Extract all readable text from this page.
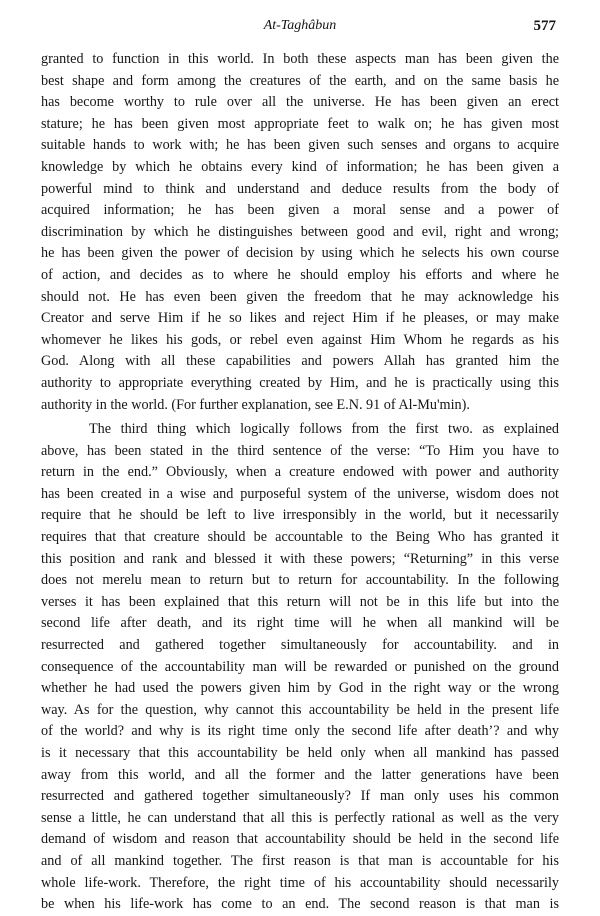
At-Taghâbun	577
granted to function in this world. In both these aspects man has been given the
best shape and form among the creatures of the earth, and on the same basis he
has become worthy to rule over all the universe. He has been given an erect
stature; he has been given most appropriate feet to walk on; he has given most
suitable hands to work with; he has been given such senses and organs to acquire
knowledge by which he obtains every kind of information; he has been given a
powerful mind to think and understand and deduce results from the body of
acquired information; he has been given a moral sense and a power of
discrimination by which he distinguishes between good and evil, right and wrong;
he has been given the power of decision by using which he selects his own course
of action, and decides as to where he should employ his efforts and where he
should not. He has even been given the freedom that he may acknowledge his
Creator and serve Him if he so likes and reject Him if he pleases, or may make
whomever he likes his gods, or rebel even against Him Whom he regards as his
God. Along with all these capabilities and powers Allah has granted him the
authority to appropriate everything created by Him, and he is practically using this
authority in the world. (For further explanation, see E.N. 91 of Al-Mu'min).
The third thing which logically follows from the first two. as explained
above, has been stated in the third sentence of the verse: “To Him you have to
return in the end.” Obviously, when a creature endowed with power and authority
has been created in a wise and purposeful system of the universe, wisdom does not
require that he should be left to live irresponsibly in the world, but it necessarily
requires that that creature should be accountable to the Being Who has granted it
this position and rank and blessed it with these powers; “Returning” in this verse
does not merelu mean to return but to return for accountability. In the following
verses it has been explained that this return will not be in this life but into the
second life after death, and its right time will he when all mankind will be
resurrected and gathered together simultaneously for accountability. and in
consequence of the accountability man will be rewarded or punished on the ground
whether he had used the powers given him by God in the right way or the wrong
way. As for the question, why cannot this accountability be held in the present life
of the world? and why is its right time only the second life after death’? and why
is it necessary that this accountability be held only when all mankind has passed
away from this world, and all the former and the latter generations have been
resurrected and gathered together simultaneously? If man only uses his common
sense a little, he can understand that all this is perfectly rational as well as the very
demand of wisdom and reason that accountability should be held in the second life
and of all mankind together. The first reason is that man is accountable for his
whole life-work. Therefore, the right time of his accountability should necessarily
be when his life-work has come to an end. The second reason is that man is
